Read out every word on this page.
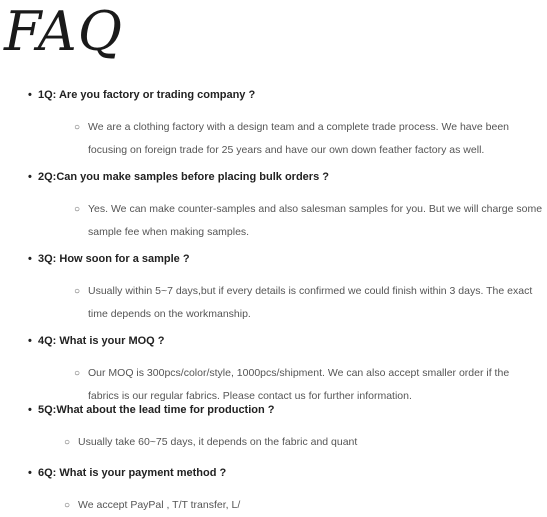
FAQ
• 1Q: Are you factory or trading company ?
○ We are a clothing factory with a design team and a complete trade process. We have been
focusing on foreign trade for 25 years and have our own down feather factory as well.
• 2Q:Can you make samples before placing bulk orders ?
○ Yes. We can make counter-samples and also salesman samples for you. But we will charge some
sample fee when making samples.
• 3Q: How soon for a sample ?
○ Usually within 5~7 days,but if every details is confirmed we could finish within 3 days. The exact
time depends on the workmanship.
• 4Q: What is your MOQ ?
○ Our MOQ is 300pcs/color/style, 1000pcs/shipment. We can also accept smaller order if the
fabrics is our regular fabrics. Please contact us for further information.
• 5Q:What about the lead time for production ?
○ Usually take 60~75 days, it depends on the fabric and quant
• 6Q: What is your payment method ?
○ We accept PayPal , T/T transfer, L/
